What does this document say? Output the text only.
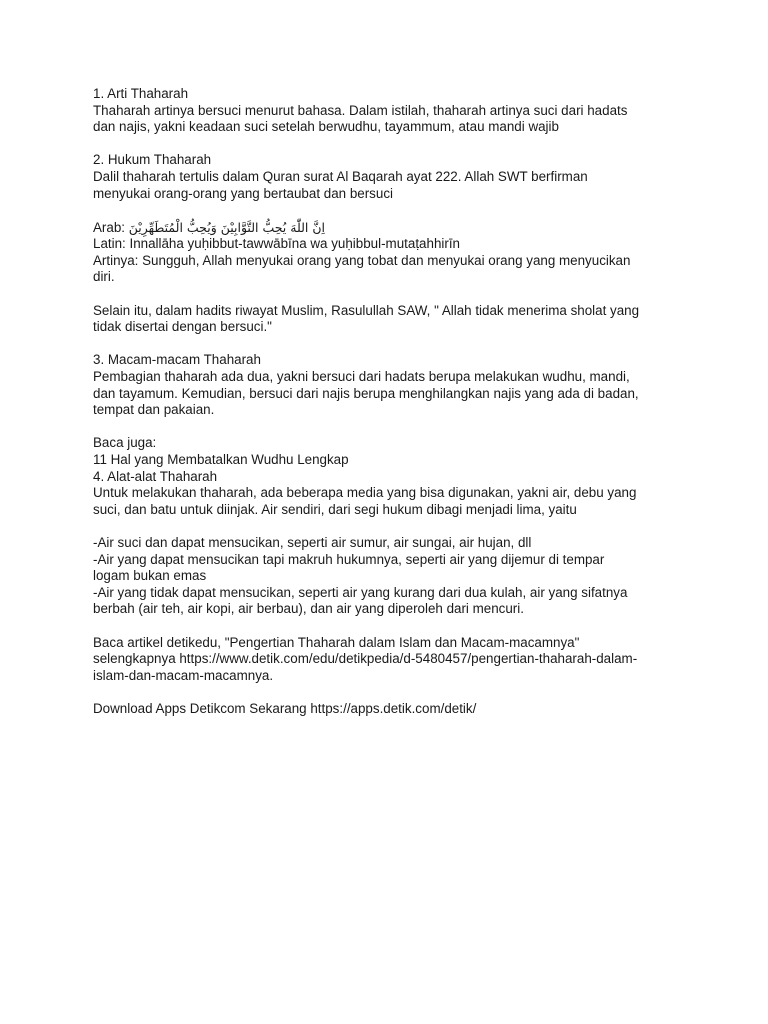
1. Arti Thaharah
Thaharah artinya bersuci menurut bahasa. Dalam istilah, thaharah artinya suci dari hadats
dan najis, yakni keadaan suci setelah berwudhu, tayammum, atau mandi wajib
2. Hukum Thaharah
Dalil thaharah tertulis dalam Quran surat Al Baqarah ayat 222. Allah SWT berfirman
menyukai orang-orang yang bertaubat dan bersuci
Arab: اِنَّ اللّٰهَ يُحِبُّ التَّوَّابِيْنَ وَيُحِبُّ الْمُتَطَهِّرِيْنَ
Latin: Innallāha yuḥibbut-tawwābīna wa yuḥibbul-mutaṭahhirīn
Artinya: Sungguh, Allah menyukai orang yang tobat dan menyukai orang yang menyucikan
diri.
Selain itu, dalam hadits riwayat Muslim, Rasulullah SAW, " Allah tidak menerima sholat yang
tidak disertai dengan bersuci."
3. Macam-macam Thaharah
Pembagian thaharah ada dua, yakni bersuci dari hadats berupa melakukan wudhu, mandi,
dan tayamum. Kemudian, bersuci dari najis berupa menghilangkan najis yang ada di badan,
tempat dan pakaian.
Baca juga:
11 Hal yang Membatalkan Wudhu Lengkap
4. Alat-alat Thaharah
Untuk melakukan thaharah, ada beberapa media yang bisa digunakan, yakni air, debu yang
suci, dan batu untuk diinjak. Air sendiri, dari segi hukum dibagi menjadi lima, yaitu
-Air suci dan dapat mensucikan, seperti air sumur, air sungai, air hujan, dll
-Air yang dapat mensucikan tapi makruh hukumnya, seperti air yang dijemur di tempar
logam bukan emas
-Air yang tidak dapat mensucikan, seperti air yang kurang dari dua kulah, air yang sifatnya
berbah (air teh, air kopi, air berbau), dan air yang diperoleh dari mencuri.
Baca artikel detikedu, "Pengertian Thaharah dalam Islam dan Macam-macamnya"
selengkapnya https://www.detik.com/edu/detikpedia/d-5480457/pengertian-thaharah-dalam-
islam-dan-macam-macamnya.
Download Apps Detikcom Sekarang https://apps.detik.com/detik/
